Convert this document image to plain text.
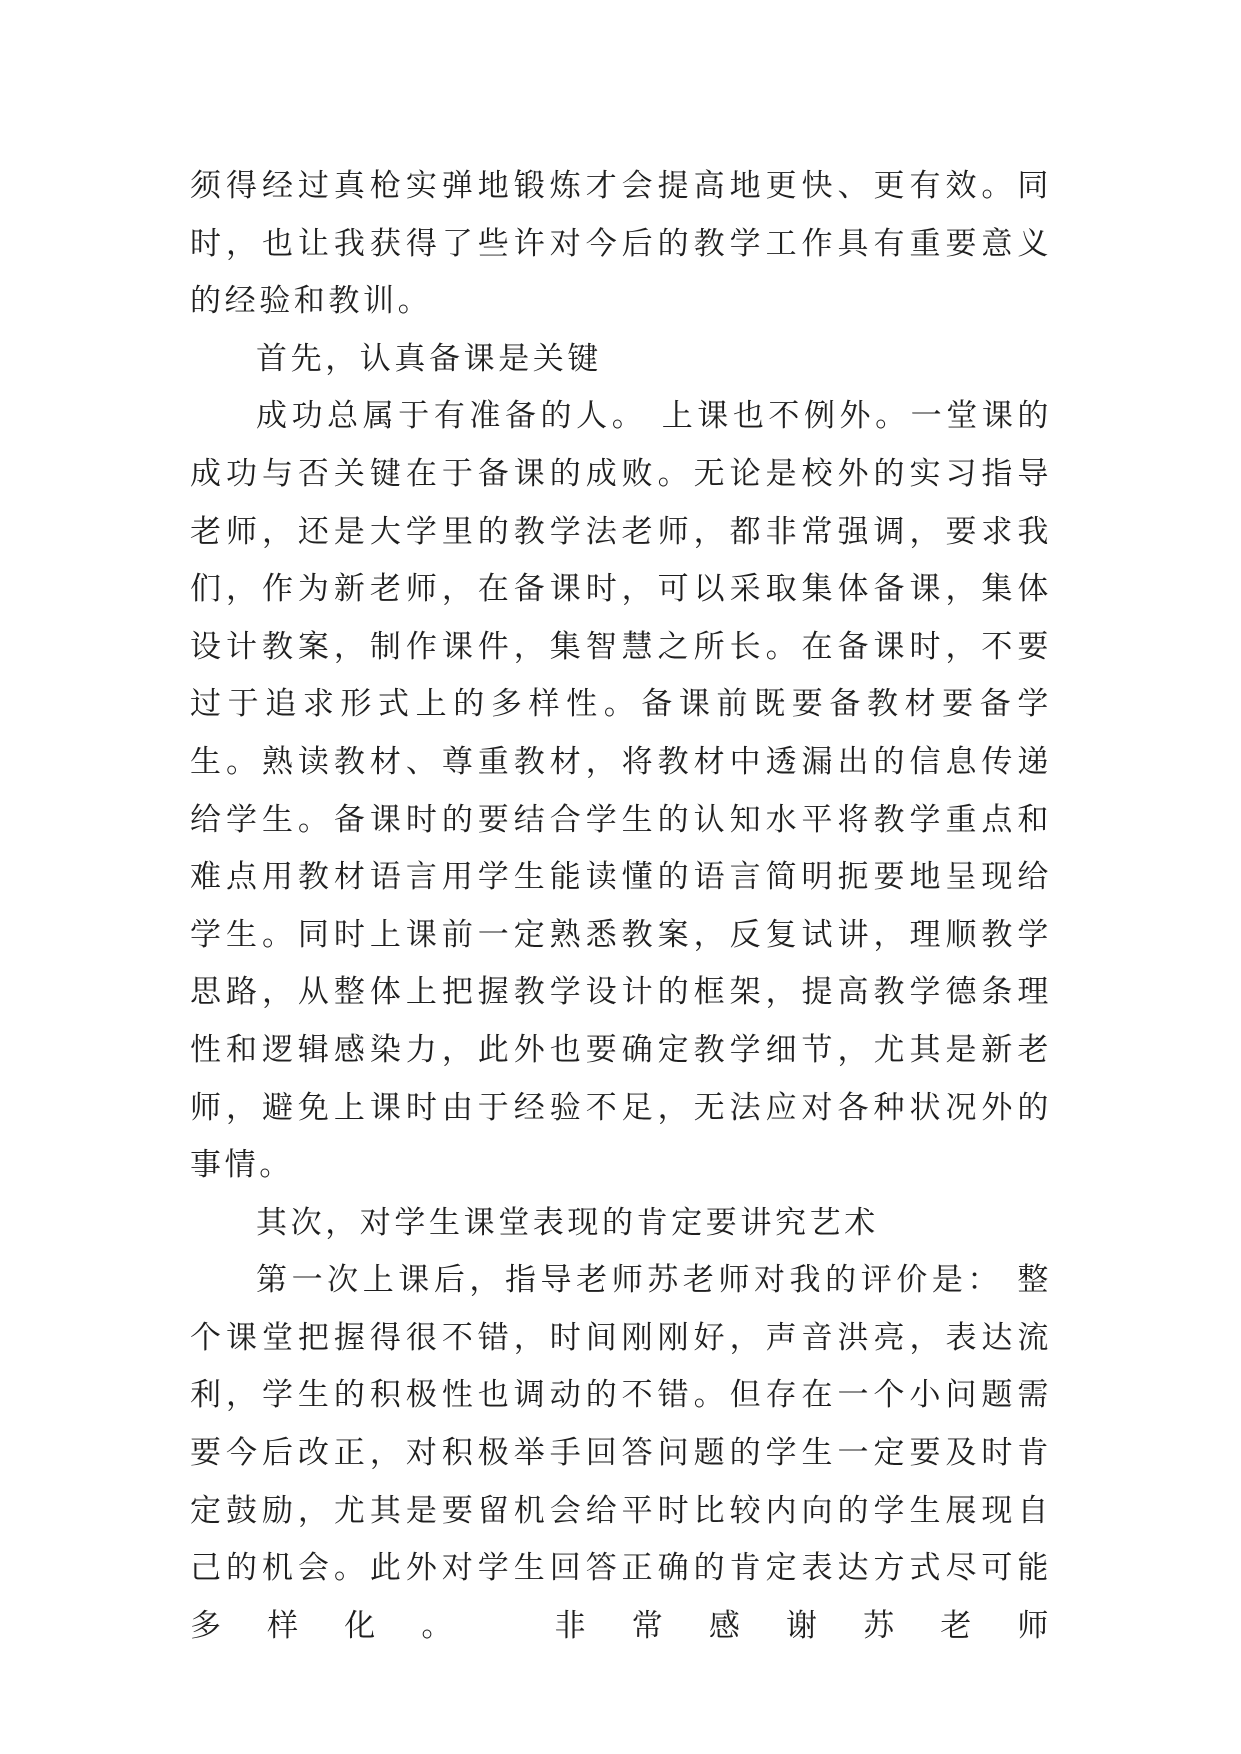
须得经过真枪实弹地锻炼才会提高地更快、更有效。同时，也让我获得了些许对今后的教学工作具有重要意义的经验和教训。

首先，认真备课是关键

成功总属于有准备的人。 上课也不例外。一堂课的成功与否关键在于备课的成败。无论是校外的实习指导老师，还是大学里的教学法老师，都非常强调，要求我们，作为新老师，在备课时，可以采取集体备课，集体设计教案，制作课件，集智慧之所长。在备课时，不要过于追求形式上的多样性。备课前既要备教材要备学生。熟读教材、尊重教材，将教材中透漏出的信息传递给学生。备课时的要结合学生的认知水平将教学重点和难点用教材语言用学生能读懂的语言简明扼要地呈现给学生。同时上课前一定熟悉教案，反复试讲，理顺教学思路，从整体上把握教学设计的框架，提高教学德条理性和逻辑感染力，此外也要确定教学细节，尤其是新老师，避免上课时由于经验不足，无法应对各种状况外的事情。

其次，对学生课堂表现的肯定要讲究艺术

第一次上课后，指导老师苏老师对我的评价是： 整个课堂把握得很不错，时间刚刚好，声音洪亮，表达流利，学生的积极性也调动的不错。但存在一个小问题需要今后改正，对积极举手回答问题的学生一定要及时肯定鼓励，尤其是要留机会给平时比较内向的学生展现自己的机会。此外对学生回答正确的肯定表达方式尽可能多样化。 非常感谢苏老师
